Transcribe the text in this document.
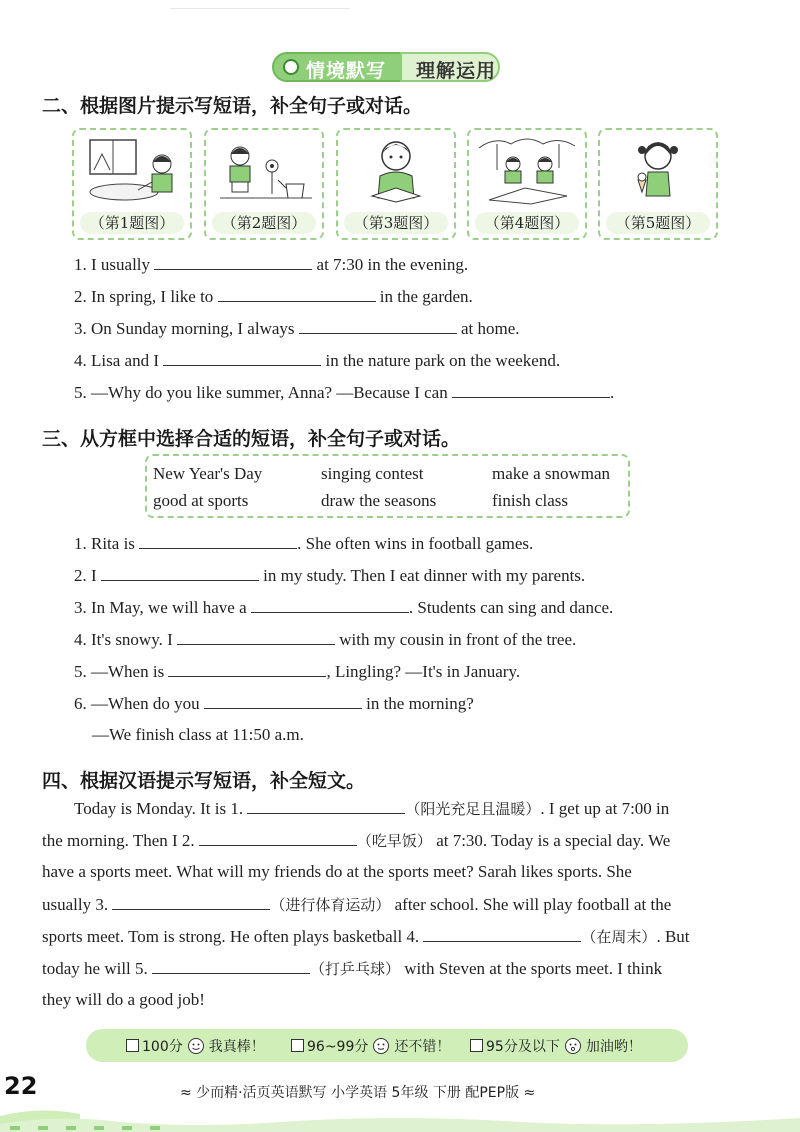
情境默写 理解运用
二、根据图片提示写短语，补全句子或对话。
（第1题图）	（第2题图）	（第3题图）	（第4题图）	（第5题图）
1. I usually	at 7:30 in the evening.
2. In spring, I like to	in the garden.
3. On Sunday morning, I always	at home.
4. Lisa and I	in the nature park on the weekend.
5. —Why do you like summer, Anna? —Because I can	.
三、从方框中选择合适的短语，补全句子或对话。
New Year's Day	singing contest	make a snowman
good at sports	draw the seasons	finish class
1. Rita is	. She often wins in football games.
2. I	in my study. Then I eat dinner with my parents.
3. In May, we will have a	. Students can sing and dance.
4. It's snowy. I	with my cousin in front of the tree.
5. —When is	, Lingling? —It's in January.
6. —When do you	in the morning?
—We finish class at 11:50 a.m.
四、根据汉语提示写短语，补全短文。
Today is Monday. It is 1.	（阳光充足且温暖）. I get up at 7:00 in
the morning. Then I 2.	（吃早饭） at 7:30. Today is a special day. We
have a sports meet. What will my friends do at the sports meet? Sarah likes sports. She
usually 3.	（进行体育运动） after school. She will play football at the
sports meet. Tom is strong. He often plays basketball 4.	（在周末）. But
today he will 5.	（打乒乓球） with Steven at the sports meet. I think
they will do a good job!
100分 我真棒！	96~99分 还不错！	95分及以下 加油哟！
22	≈ 少而精·活页英语默写 小学英语 5年级 下册 配PEP版 ≈
